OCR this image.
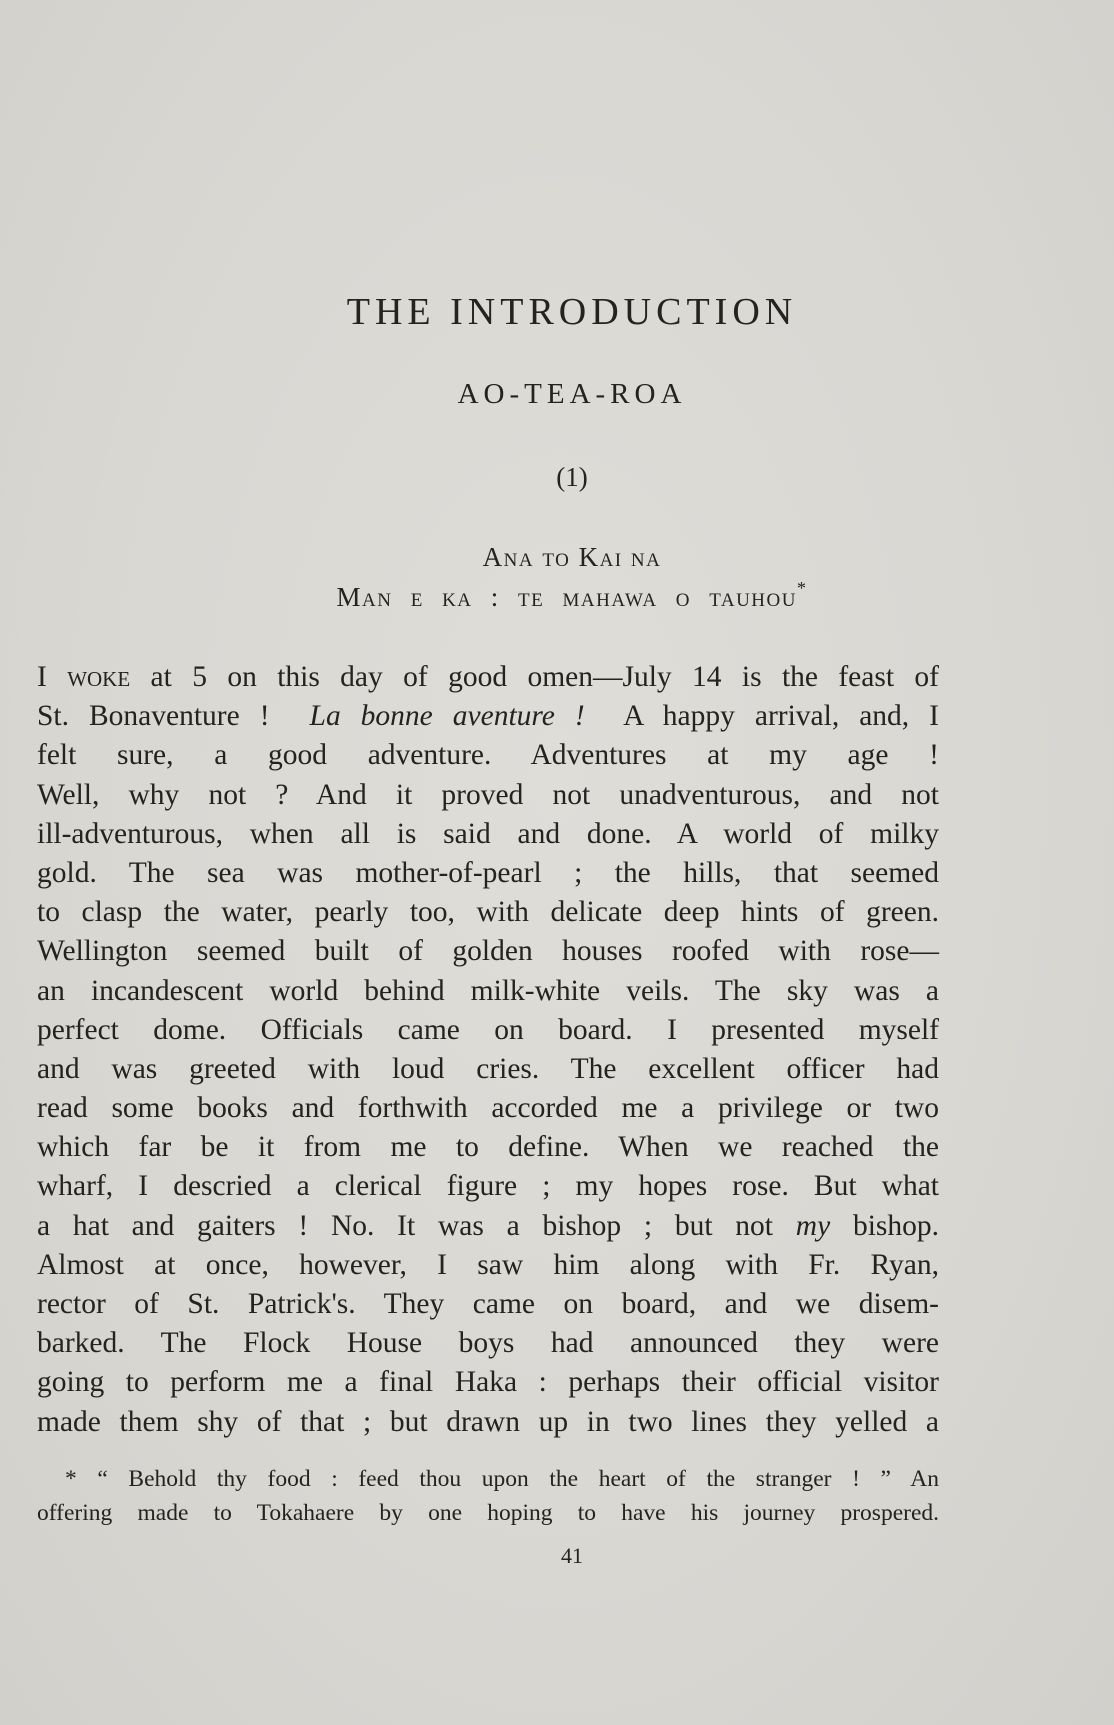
THE INTRODUCTION
AO-TEA-ROA
(1)
Ana to Kai na
Man e ka : te mahawa o tauhou*
I woke at 5 on this day of good omen—July 14 is the feast of
St. Bonaventure ! La bonne aventure ! A happy arrival, and, I
felt sure, a good adventure. Adventures at my age !
Well, why not ? And it proved not unadventurous, and not
ill-adventurous, when all is said and done. A world of milky
gold. The sea was mother-of-pearl ; the hills, that seemed
to clasp the water, pearly too, with delicate deep hints of green.
Wellington seemed built of golden houses roofed with rose—
an incandescent world behind milk-white veils. The sky was a
perfect dome. Officials came on board. I presented myself
and was greeted with loud cries. The excellent officer had
read some books and forthwith accorded me a privilege or two
which far be it from me to define. When we reached the
wharf, I descried a clerical figure ; my hopes rose. But what
a hat and gaiters ! No. It was a bishop ; but not my bishop.
Almost at once, however, I saw him along with Fr. Ryan,
rector of St. Patrick's. They came on board, and we disem-
barked. The Flock House boys had announced they were
going to perform me a final Haka : perhaps their official visitor
made them shy of that ; but drawn up in two lines they yelled a
* “ Behold thy food : feed thou upon the heart of the stranger ! ” An
offering made to Tokahaere by one hoping to have his journey prospered.
41
